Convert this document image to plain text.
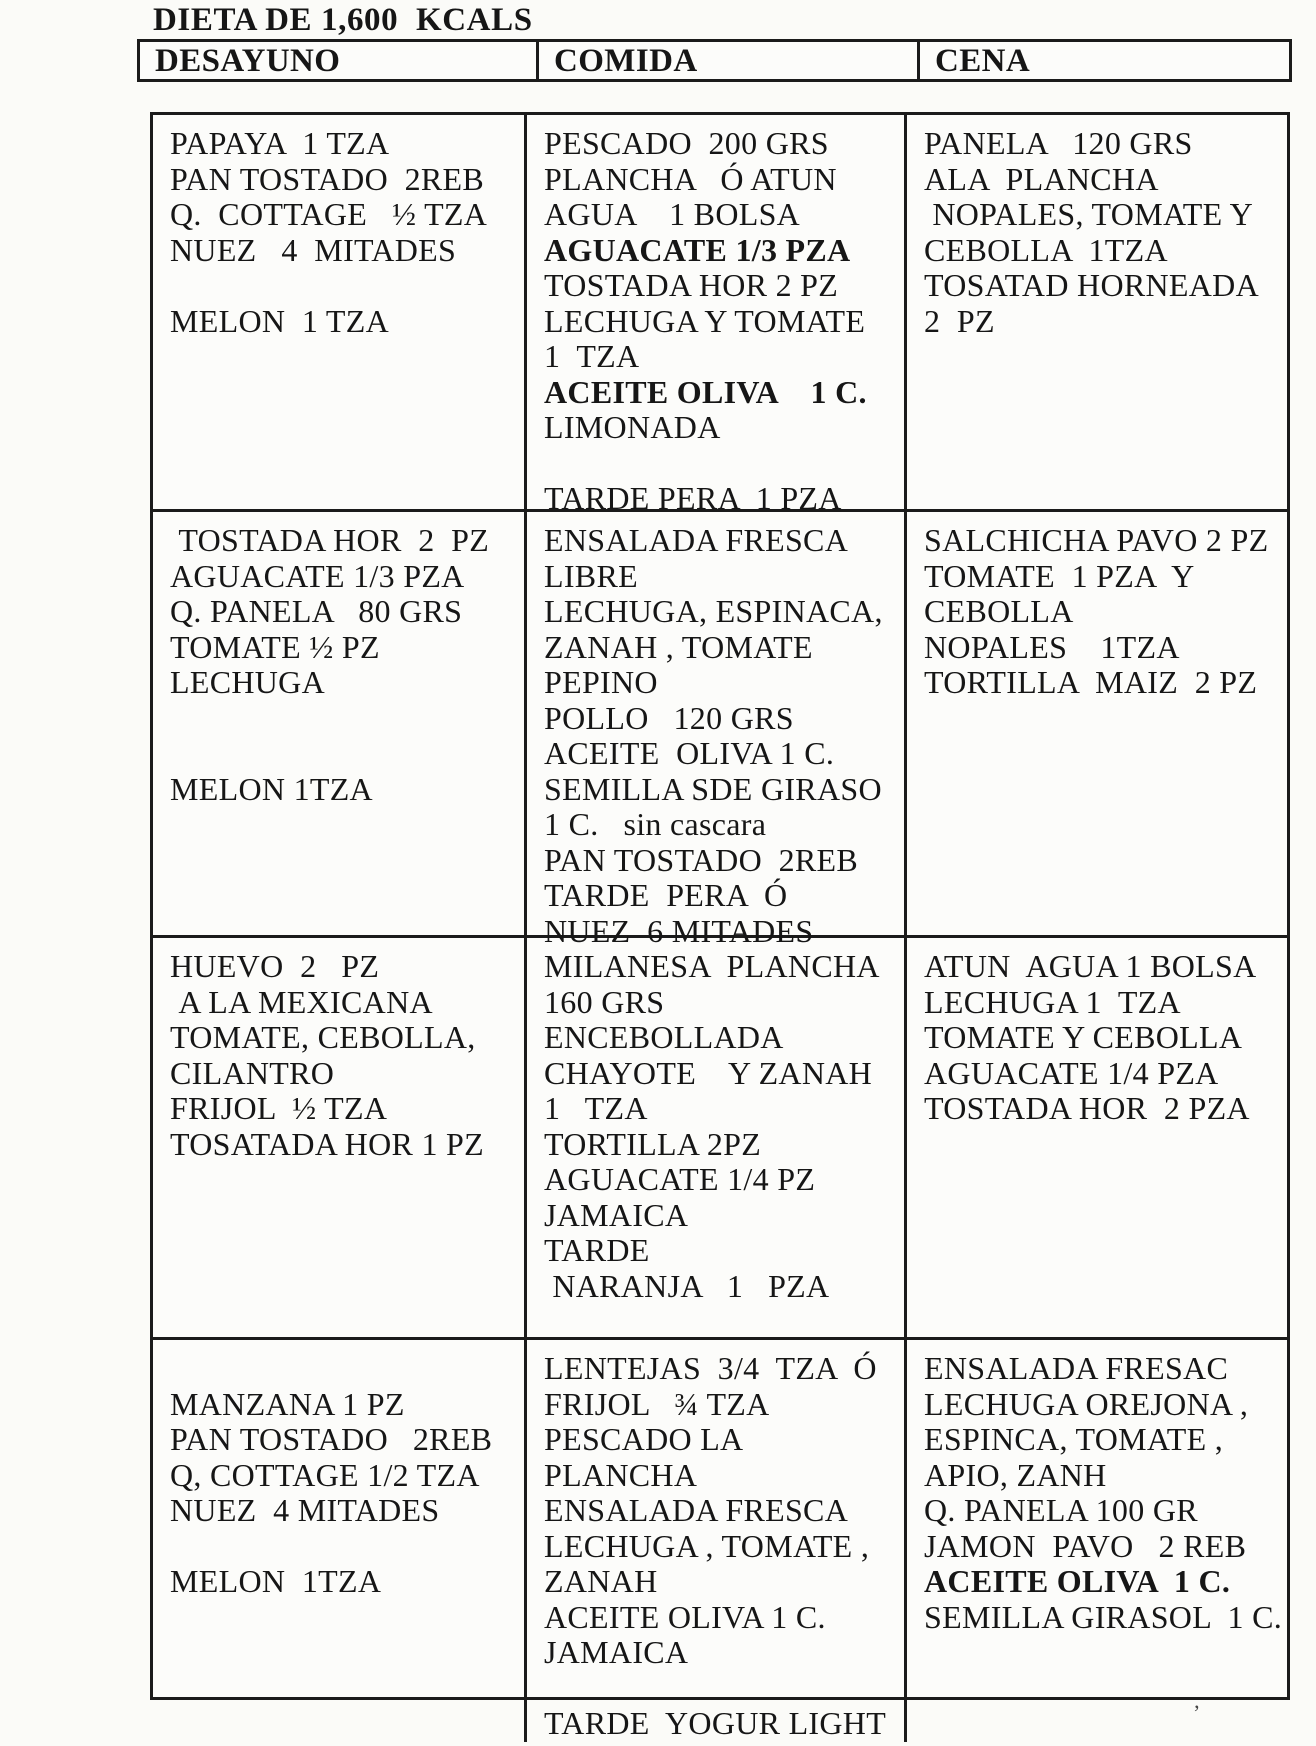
DIETA DE 1,600  KCALS
DESAYUNO	COMIDA	CENA
PAPAYA  1 TZA
PAN TOSTADO  2REB
Q.  COTTAGE   ½ TZA
NUEZ   4  MITADES

MELON  1 TZA
PESCADO  200 GRS
PLANCHA   Ó ATUN
AGUA    1 BOLSA
AGUACATE 1/3 PZA
TOSTADA HOR 2 PZ
LECHUGA Y TOMATE
1  TZA
ACEITE OLIVA    1 C.
LIMONADA

TARDE PERA  1 PZA
PANELA   120 GRS
ALA  PLANCHA
NOPALES, TOMATE Y
CEBOLLA  1TZA
TOSATAD HORNEADA
2  PZ
TOSTADA HOR  2  PZ
AGUACATE 1/3 PZA
Q. PANELA   80 GRS
TOMATE ½ PZ
LECHUGA

MELON 1TZA
ENSALADA FRESCA
LIBRE
LECHUGA, ESPINACA,
ZANAH , TOMATE
PEPINO
POLLO   120 GRS
ACEITE  OLIVA 1 C.
SEMILLA SDE GIRASO
1 C.   sin cascara
PAN TOSTADO  2REB
TARDE  PERA  Ó
NUEZ  6 MITADES
SALCHICHA PAVO 2 PZ
TOMATE  1 PZA  Y
CEBOLLA
NOPALES    1TZA
TORTILLA  MAIZ  2 PZ
HUEVO  2   PZ
A LA MEXICANA
TOMATE, CEBOLLA,
CILANTRO
FRIJOL  ½ TZA
TOSATADA HOR 1 PZ
MILANESA  PLANCHA
160 GRS
ENCEBOLLADA
CHAYOTE    Y ZANAH
1   TZA
TORTILLA 2PZ
AGUACATE 1/4 PZ
JAMAICA
TARDE
NARANJA   1   PZA
ATUN  AGUA 1 BOLSA
LECHUGA 1  TZA
TOMATE Y CEBOLLA
AGUACATE 1/4 PZA
TOSTADA HOR  2 PZA

MANZANA 1 PZ
PAN TOSTADO   2REB
Q, COTTAGE 1/2 TZA
NUEZ  4 MITADES

MELON  1TZA
LENTEJAS  3/4  TZA  Ó
FRIJOL   ¾ TZA
PESCADO LA PLANCHA
ENSALADA FRESCA
LECHUGA , TOMATE ,
ZANAH
ACEITE OLIVA 1 C.
JAMAICA

TARDE  YOGUR LIGHT
ENSALADA FRESAC
LECHUGA OREJONA ,
ESPINCA, TOMATE ,
APIO, ZANH
Q. PANELA 100 GR
JAMON  PAVO   2 REB
ACEITE OLIVA  1 C.
SEMILLA GIRASOL  1 C.
’
